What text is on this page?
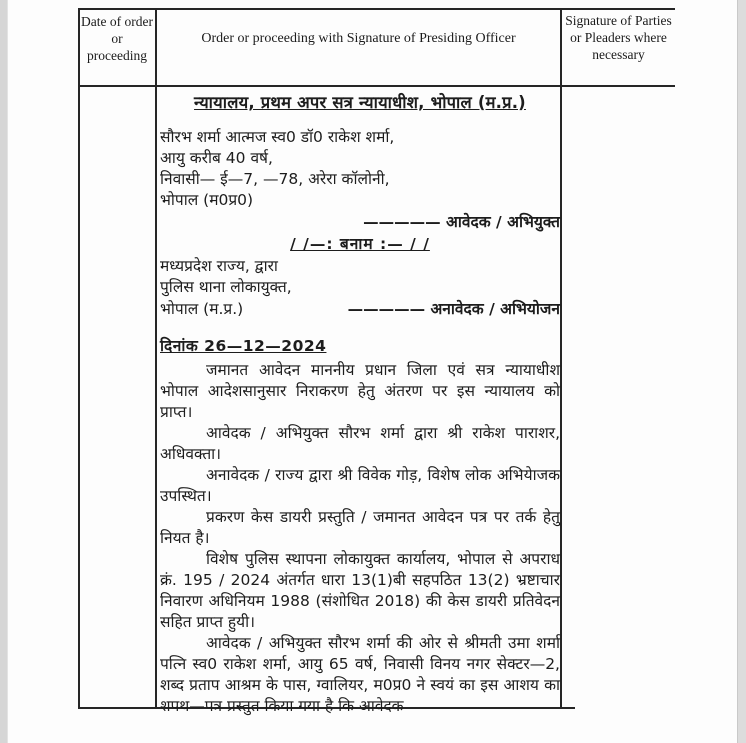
Date of order or proceeding
Order or proceeding with Signature of Presiding Officer
Signature of Parties or Pleaders where necessary
न्यायालय, प्रथम अपर सत्र न्यायाधीश, भोपाल (म.प्र.)
सौरभ शर्मा आत्मज स्व0 डॉ0 राकेश शर्मा,
आयु करीब 40 वर्ष,
निवासी— ई—7, —78, अरेरा कॉलोनी,
भोपाल (म0प्र0)
————— आवेदक / अभियुक्त
/ /—: बनाम :— / /
मध्यप्रदेश राज्य, द्वारा
पुलिस थाना लोकायुक्त,
भोपाल (म.प्र.)	————— अनावेदक / अभियोजन
दिनांक 26—12—2024

जमानत आवेदन माननीय प्रधान जिला एवं सत्र न्यायाधीश भोपाल आदेशसानुसार निराकरण हेतु अंतरण पर इस न्यायालय को प्राप्त।

आवेदक / अभियुक्त सौरभ शर्मा द्वारा श्री राकेश पाराशर, अधिवक्ता।

अनावेदक / राज्य द्वारा श्री विवेक गोड़, विशेष लोक अभियेाजक उपस्थित।

प्रकरण केस डायरी प्रस्तुति / जमानत आवेदन पत्र पर तर्क हेतु नियत है।

विशेष पुलिस स्थापना लोकायुक्त कार्यालय, भोपाल से अपराध क्रं. 195 / 2024 अंतर्गत धारा 13(1)बी सहपठित 13(2) भ्रष्टाचार निवारण अधिनियम 1988 (संशोधित 2018) की केस डायरी प्रतिवेदन सहित प्राप्त हुयी।

आवेदक / अभियुक्त सौरभ शर्मा की ओर से श्रीमती उमा शर्मा पत्नि स्व0 राकेश शर्मा, आयु 65 वर्ष, निवासी विनय नगर सेक्टर—2, शब्द प्रताप आश्रम के पास, ग्वालियर, म0प्र0 ने स्वयं का इस आशय का शपथ—पत्र प्रस्तुत किया गया है कि आवेदक
